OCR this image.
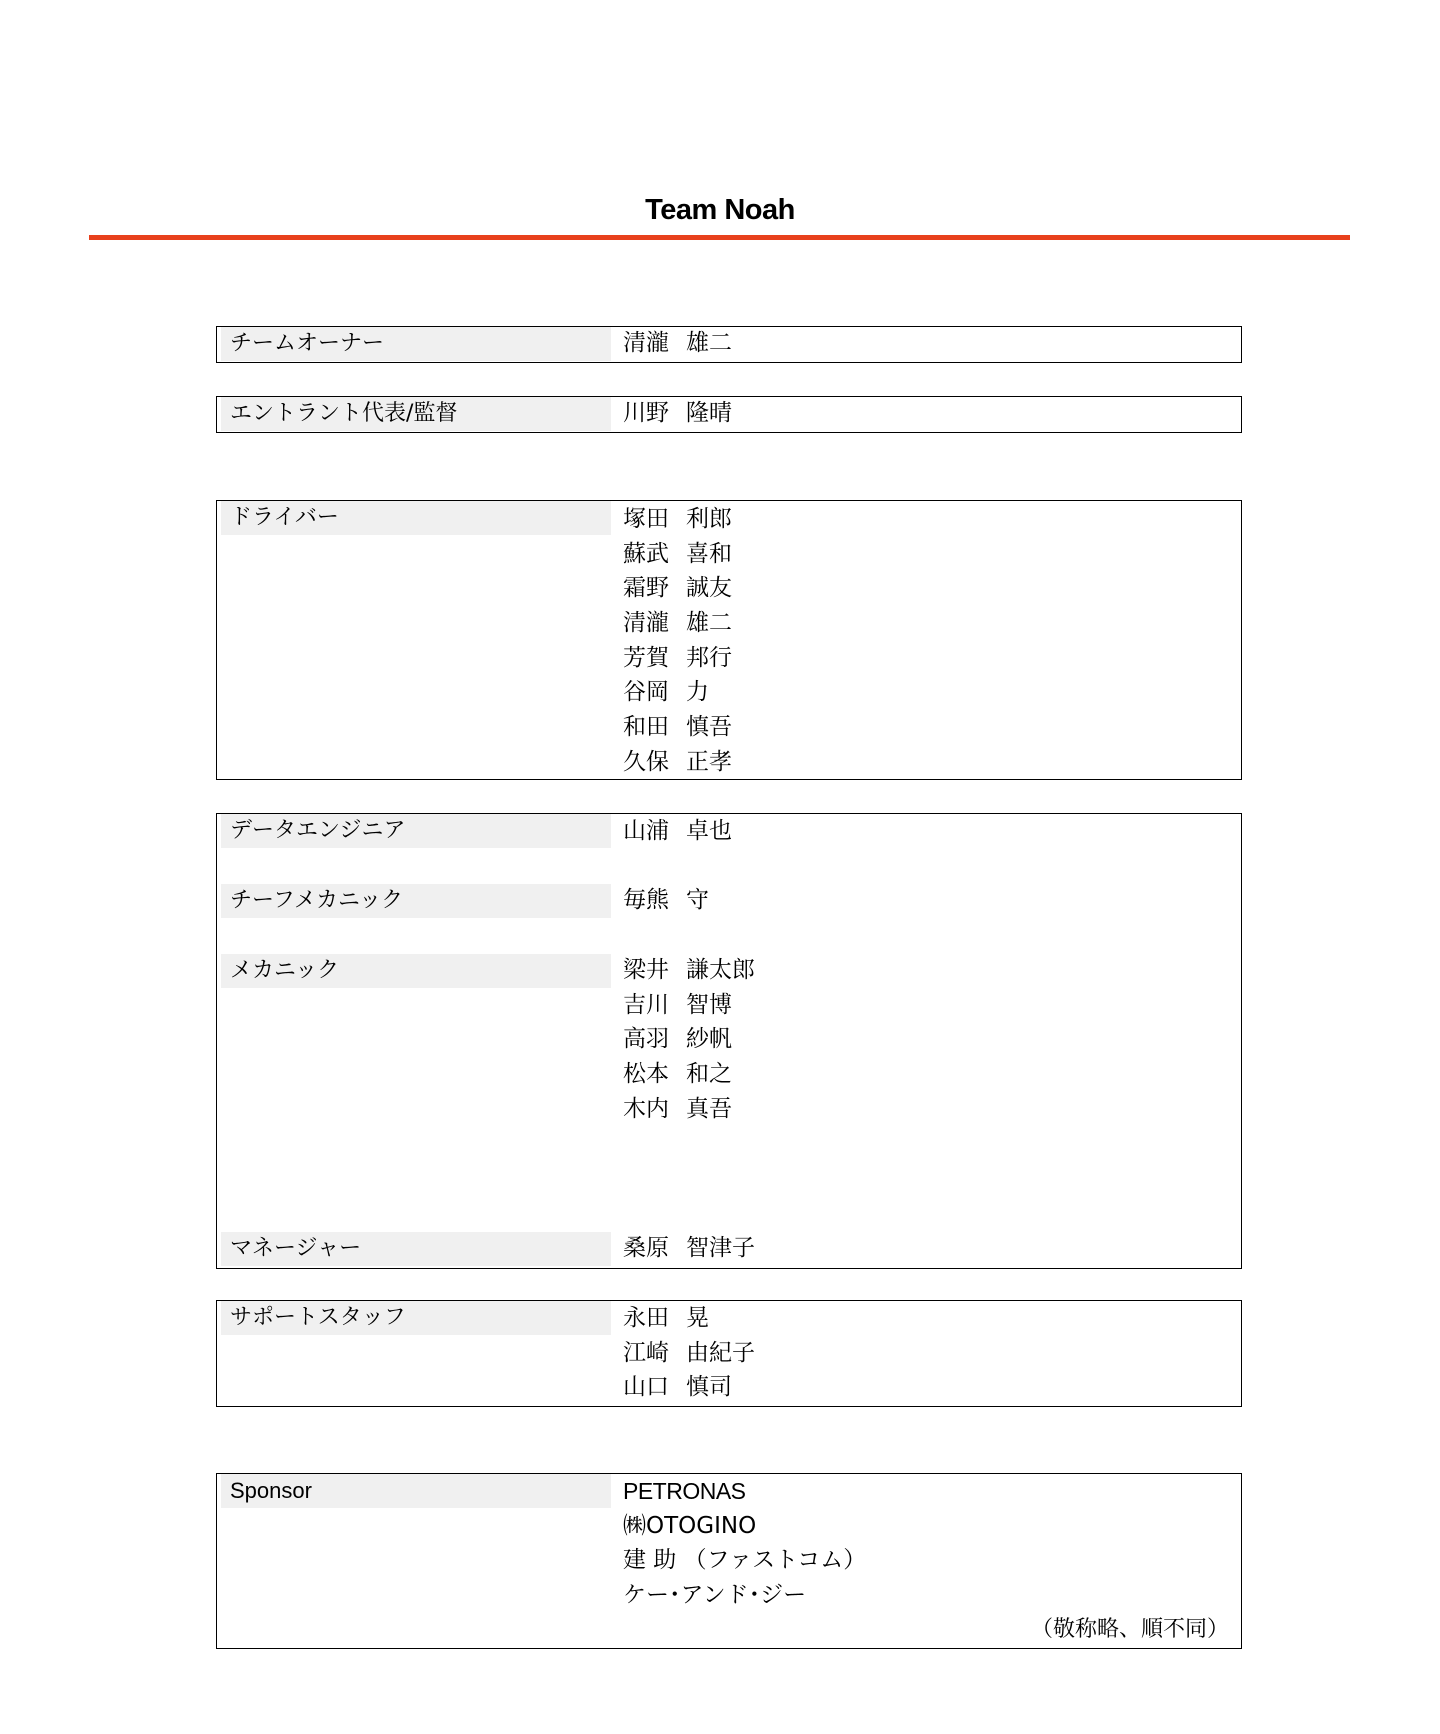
Team Noah
チームオーナー	清瀧 雄二
エントラント代表/監督	川野 隆晴
ドライバー	塚田 利郎
蘇武 喜和
霜野 誠友
清瀧 雄二
芳賀 邦行
谷岡 力
和田 慎吾
久保 正孝
データエンジニア	山浦 卓也
チーフメカニック	毎熊 守
メカニック	梁井 謙太郎
吉川 智博
高羽 紗帆
松本 和之
木内 真吾
マネージャー	桑原 智津子
サポートスタッフ	永田 晃
江崎 由紀子
山口 慎司
Sponsor	PETRONAS
㈱OTOGINO
建 助 （ファストコム）
ケー･アンド･ジー
（敬称略、順不同）
